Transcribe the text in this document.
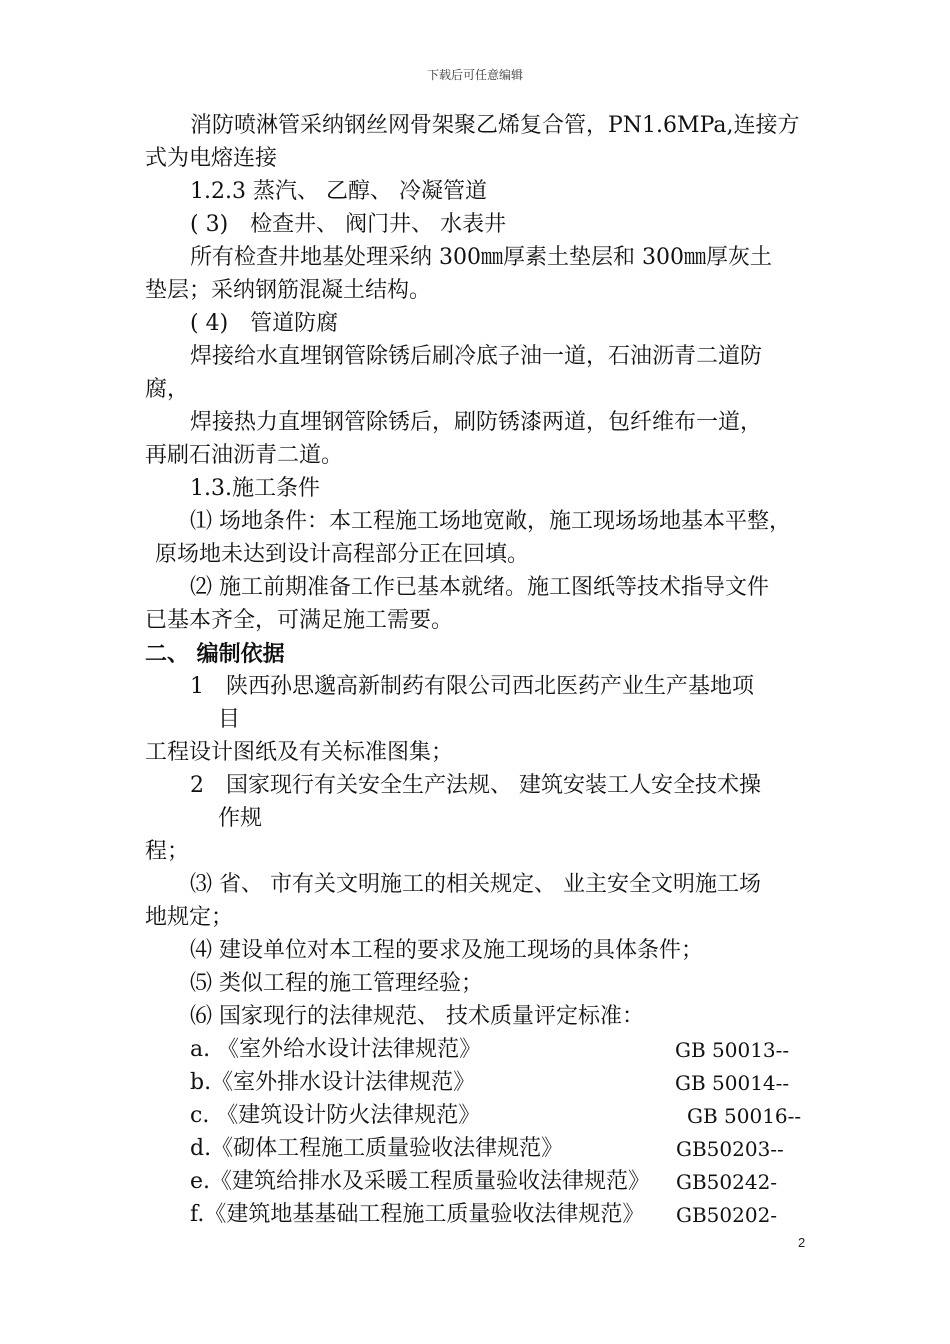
下载后可任意编辑
消防喷淋管采纳钢丝网骨架聚乙烯复合管，PN1.6MPa,连接方
式为电熔连接
1.2.3 蒸汽、 乙醇、 冷凝管道
( 3)　检查井、 阀门井、 水表井
所有检查井地基处理采纳 300㎜厚素土垫层和 300㎜厚灰土
垫层；采纳钢筋混凝土结构。
( 4)　管道防腐
焊接给水直埋钢管除锈后刷冷底子油一道，石油沥青二道防
腐，
焊接热力直埋钢管除锈后，刷防锈漆两道，包纤维布一道，
再刷石油沥青二道。
1.3.施工条件
⑴ 场地条件：本工程施工场地宽敞，施工现场场地基本平整，
原场地未达到设计高程部分正在回填。
⑵ 施工前期准备工作已基本就绪。施工图纸等技术指导文件
已基本齐全，可满足施工需要。
二、 编制依据
1　陕西孙思邈高新制药有限公司西北医药产业生产基地项
目
工程设计图纸及有关标准图集；
2　国家现行有关安全生产法规、 建筑安装工人安全技术操
作规
程；
⑶ 省、 市有关文明施工的相关规定、 业主安全文明施工场
地规定；
⑷ 建设单位对本工程的要求及施工现场的具体条件；
⑸ 类似工程的施工管理经验；
⑹ 国家现行的法律规范、 技术质量评定标准：
a. 《室外给水设计法律规范》	GB 50013--
b.《室外排水设计法律规范》	GB 50014--
c. 《建筑设计防火法律规范》	GB 50016--
d.《砌体工程施工质量验收法律规范》	GB50203--
e.《建筑给排水及采暖工程质量验收法律规范》 GB50242-
f.《建筑地基基础工程施工质量验收法律规范》 GB50202-
2
